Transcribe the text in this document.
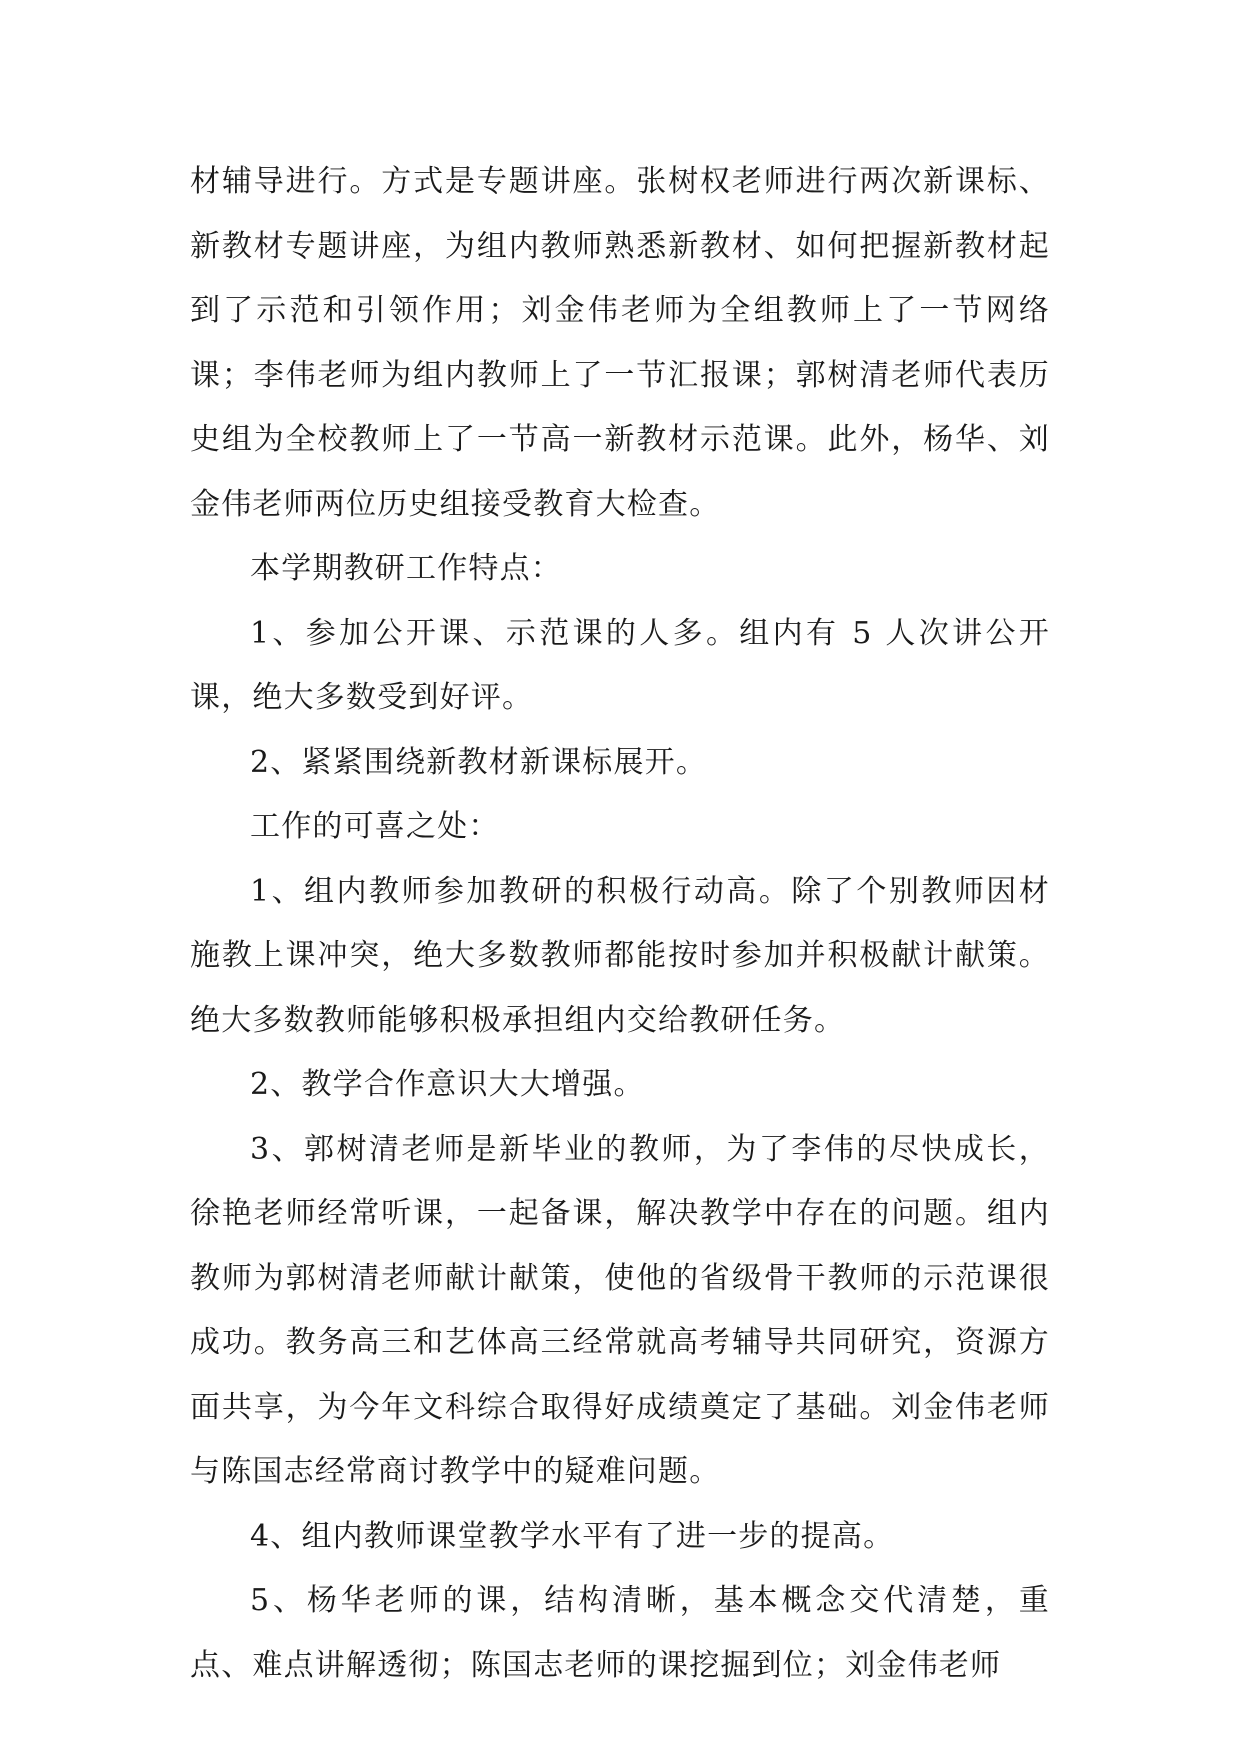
材辅导进行。方式是专题讲座。张树权老师进行两次新课标、新教材专题讲座，为组内教师熟悉新教材、如何把握新教材起到了示范和引领作用；刘金伟老师为全组教师上了一节网络课；李伟老师为组内教师上了一节汇报课；郭树清老师代表历史组为全校教师上了一节高一新教材示范课。此外，杨华、刘金伟老师两位历史组接受教育大检查。

本学期教研工作特点：

1、参加公开课、示范课的人多。组内有 5 人次讲公开课，绝大多数受到好评。

2、紧紧围绕新教材新课标展开。

工作的可喜之处：

1、组内教师参加教研的积极行动高。除了个别教师因材施教上课冲突，绝大多数教师都能按时参加并积极献计献策。绝大多数教师能够积极承担组内交给教研任务。

2、教学合作意识大大增强。

3、郭树清老师是新毕业的教师，为了李伟的尽快成长，徐艳老师经常听课，一起备课，解决教学中存在的问题。组内教师为郭树清老师献计献策，使他的省级骨干教师的示范课很成功。教务高三和艺体高三经常就高考辅导共同研究，资源方面共享，为今年文科综合取得好成绩奠定了基础。刘金伟老师与陈国志经常商讨教学中的疑难问题。

4、组内教师课堂教学水平有了进一步的提高。

5、杨华老师的课，结构清晰，基本概念交代清楚，重点、难点讲解透彻；陈国志老师的课挖掘到位；刘金伟老师
